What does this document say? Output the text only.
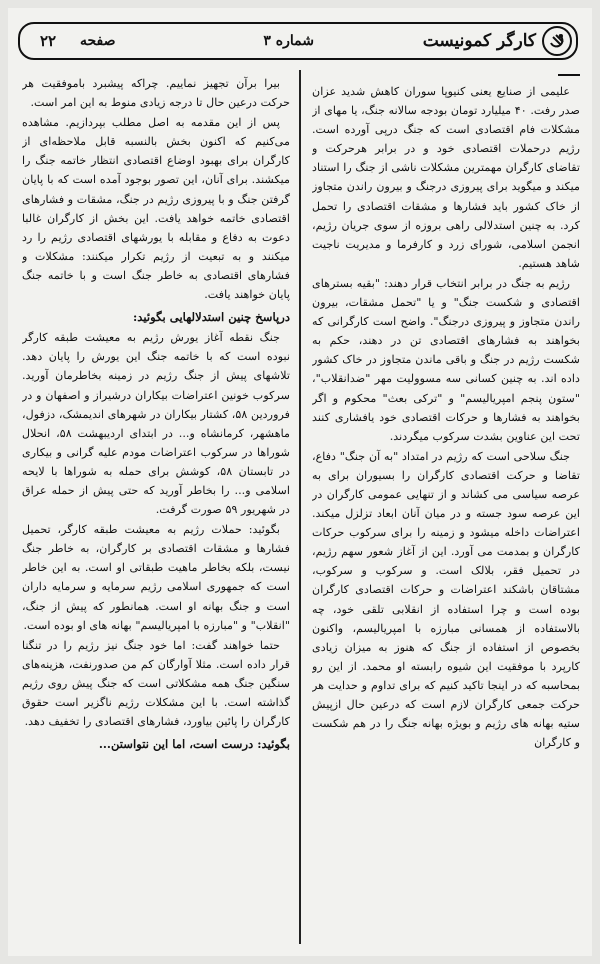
کارگر کمونیست
شماره ۳
صفحه
۲۲

علیمی از صنایع یعنی کنیوپا سوران کاهش شدید عزان صدر رفت. ۴۰ میلیارد تومان بودجه سالانه جنگ، یا مهای از مشکلات فام اقتصادی است که جنگ درپی آورده است. رژیم درحملات اقتصادی خود و در برابر هرحرکت و تقاضای کارگران مهمترین مشکلات ناشی از جنگ را استناد میکند و میگوید برای پیروزی درجنگ و بیرون راندن متجاوز از خاک کشور باید فشارها و مشقات اقتصادی را تحمل کرد. به چنین استدلالی راهی بروزه از سوی جریان رژیم، انجمن اسلامی، شورای زرد و کارفرما و مدیریت ناجیت شاهد هستیم.

رژیم به جنگ در برابر انتخاب قرار دهند: "بقیه بسترهای اقتصادی و شکست جنگ" و یا "تحمل مشقات، بیرون راندن متجاوز و پیروزی درجنگ". واضح است کارگرانی که بخواهند به فشارهای اقتصادی تن در دهند، حکم به شکست رژیم در جنگ و باقی ماندن متجاوز در خاک کشور داده اند. به چنین کسانی سه مسوولیت مهر "ضدانقلاب"، "ستون پنجم امپریالیسم" و "ترکی بعث" محکوم و اگر بخواهند به فشارها و حرکات اقتصادی خود یافشاری کنند تحت این عناوین بشدت سرکوب میگردند.

جنگ سلاحی است که رژیم در امتداد "به آن جنگ" دفاع، تقاضا و حرکت اقتصادی کارگران را بسیوران برای به عرصه سیاسی می کشاند و از تنهایی عمومی کارگران در این عرصه سود جسته و در میان آنان ابعاد تزلزل میکند. اعتراضات داخله میشود و زمینه را برای سرکوب حرکات کارگران و بمدمت می آورد. این از آغاز شعور سهم رژیم، در تحمیل فقر، بلالک است. و سرکوب و سرکوب، مشتاقان باشکند اعتراضات و حرکات اقتصادی کارگران بوده است و چرا استفاده از انقلابی تلقی خود، چه بالاستفاده از همسانی مبارزه با امپریالیسم، واکنون بخصوص از استفاده از جنگ که هنوز به میزان زیادی کارپرد با موفقیت این شیوه رابسته او محمد. از این رو بمحاسبه که در اینجا تاکید کنیم که برای تداوم و حدایت هر حرکت جمعی کارگران لازم است که درعین حال ازپیش ستیه بهانه های رژیم و بویژه بهانه جنگ را در هم شکست و کارگران

بیرا برآن تجهیز نماییم. چراکه پیشبرد باموفقیت هر حرکت درعین حال تا درجه زیادی منوط به این امر است.

پس از این مقدمه به اصل مطلب بپردازیم. مشاهده می‌کنیم که اکنون بخش بالنسبه قابل ملاحظه‌ای از کارگران برای بهبود اوضاع اقتصادی انتظار خاتمه جنگ را میکشند. برای آنان، این تصور بوجود آمده است که با پایان گرفتن جنگ و با پیروزی رژیم در جنگ، مشقات و فشارهای اقتصادی خاتمه خواهد یافت. این بخش از کارگران غالبا دعوت به دفاع و مقابله با یورشهای اقتصادی رژیم را رد میکنند و به تبعیت از رژیم تکرار میکنند: مشکلات و فشارهای اقتصادی به خاطر جنگ است و با خاتمه جنگ پایان خواهند یافت.

درپاسخ چنین استدلالهایی بگوئید:

جنگ نقطه آغاز یورش رژیم به معیشت طبقه کارگر نبوده است که با خاتمه جنگ این یورش را پایان دهد. تلاشهای پیش از جنگ رژیم در زمینه بخاطرمان آورید. سرکوب خونین اعتراضات بیکاران درشیراز و اصفهان و در فروردین ۵۸، کشتار بیکاران در شهرهای اندیمشک، دزفول، ماهشهر، کرمانشاه و... در ابتدای اردیبهشت ۵۸، انحلال شوراها در سرکوب اعتراضات مودم علیه گرانی و بیکاری در تابستان ۵۸، کوشش برای حمله به شوراها با لایحه اسلامی و... را بخاطر آورید که حتی پیش از حمله عراق در شهریور ۵۹ صورت گرفت.

بگوئید: حملات رژیم به معیشت طبقه کارگر، تحمیل فشارها و مشقات اقتصادی بر کارگران، به خاطر جنگ نیست، بلکه بخاطر ماهیت طبقاتی او است. به این خاطر است که جمهوری اسلامی رژیم سرمایه و سرمایه داران است و جنگ بهانه او است. همانطور که پیش از جنگ، "انقلاب" و "مبارزه با امپریالیسم" بهانه های او بوده است.

حتما خواهند گفت: اما خود جنگ نیز رژیم را در تنگنا قرار داده است. مثلا آوارگان کم من صدورنفت، هزینه‌های سنگین جنگ همه مشکلاتی است که جنگ پیش روی رژیم گذاشته است. با این مشکلات رژیم ناگزیر است حقوق کارگران را پائین بیاورد، فشارهای اقتصادی را تخفیف دهد.

بگوئید: درست است، اما این نتواستن...
